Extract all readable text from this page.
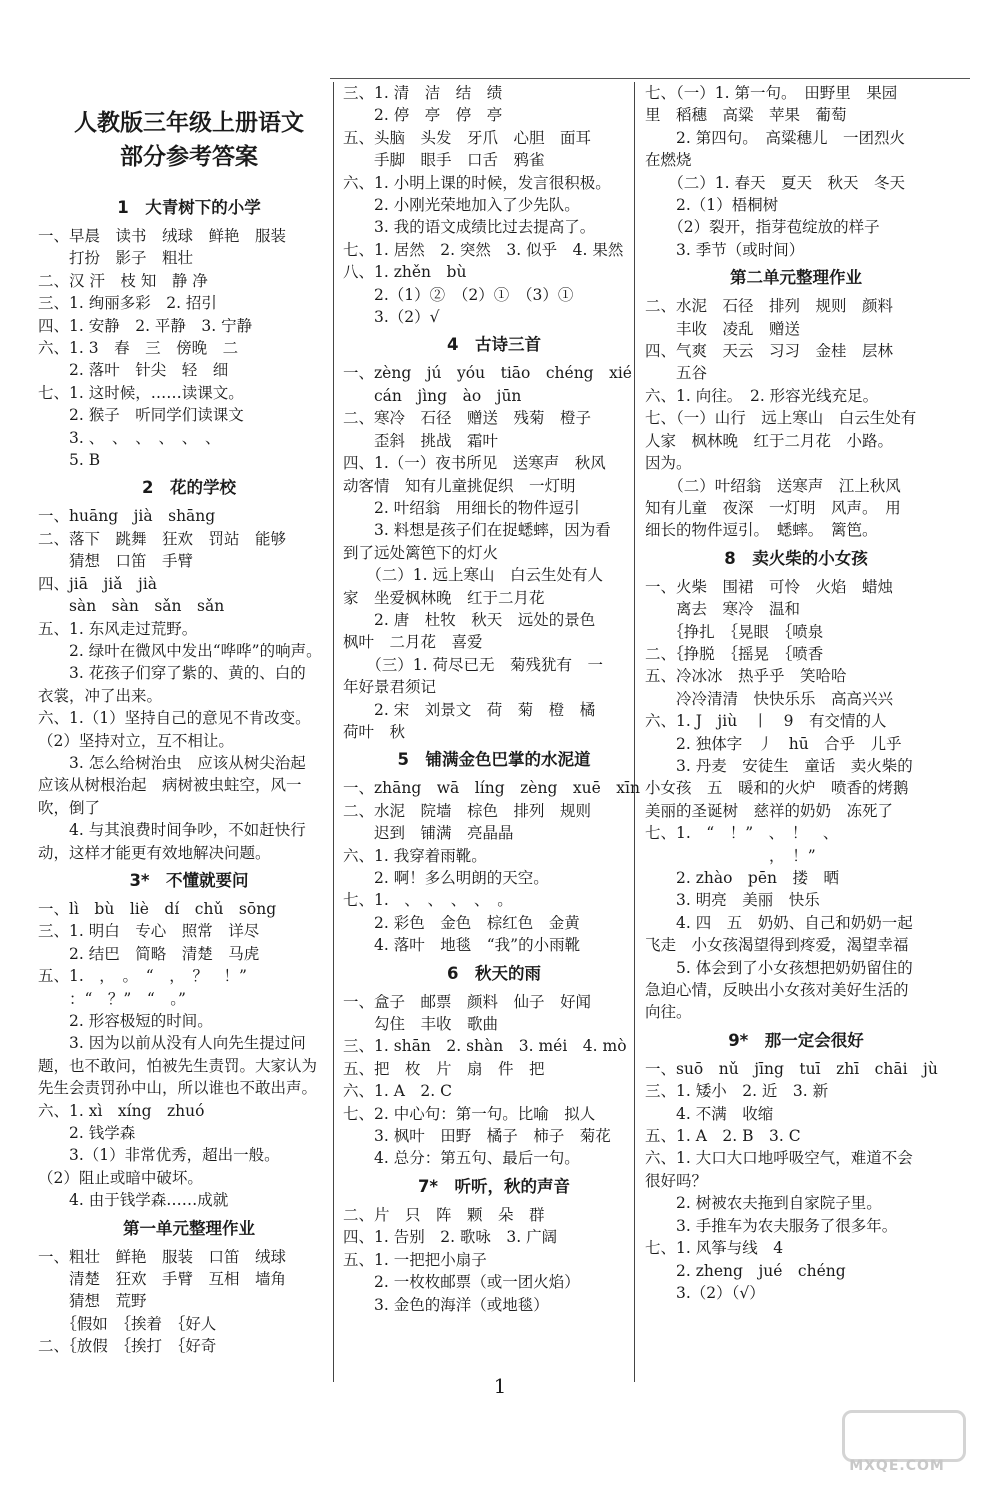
人教版三年级上册语文
部分参考答案
1　大青树下的小学
一、早晨　读书　绒球　鲜艳　服装
　　打扮　影子　粗壮
二、汉 汗　枝 知　静 净
三、1. 绚丽多彩　2. 招引
四、1. 安静　2. 平静　3. 宁静
六、1. 3　春　三　傍晚　二
　　2. 落叶　针尖　轻　细
七、1. 这时候，……读课文。
　　2. 猴子　听同学们读课文
　　3. 、　、　、　、　、　、
　　5. B
2　花的学校
一、huāng　jià　shāng
二、落下　跳舞　狂欢　罚站　能够
　　猜想　口笛　手臂
四、jiā　jiǎ　jià
　　sàn　sàn　sǎn　sǎn
五、1. 东风走过荒野。
　　2. 绿叶在微风中发出“哗哗”的响声。
　　3. 花孩子们穿了紫的、黄的、白的
衣裳，冲了出来。
六、1.（1）坚持自己的意见不肯改变。
（2）坚持对立，互不相让。
　　3. 怎么给树治虫　应该从树尖治起
应该从树根治起　病树被虫蛀空，风一
吹，倒了
　　4. 与其浪费时间争吵，不如赶快行
动，这样才能更有效地解决问题。
3*　不懂就要问
一、lì　bù　liè　dí　chǔ　sōng
三、1. 明白　专心　照常　详尽
　　2. 结巴　简略　清楚　马虎
五、1.　，　。　“　，　？　！”
　　：“　？”　“　。”
　　2. 形容极短的时间。
　　3. 因为以前从没有人向先生提过问
题，也不敢问，怕被先生责罚。大家认为
先生会责罚孙中山，所以谁也不敢出声。
六、1. xì　xíng　zhuó
　　2. 钱学森
　　3.（1）非常优秀，超出一般。
（2）阻止或暗中破坏。
　　4. 由于钱学森……成就
第一单元整理作业
一、粗壮　鲜艳　服装　口笛　绒球
　　清楚　狂欢　手臂　互相　墙角
　　猜想　荒野
　　｛假如　｛挨着　｛好人
二、｛放假　｛挨打　｛好奇
三、1. 清　洁　结　绩
　　2. 停　亭　停　亭
五、头脑　头发　牙爪　心胆　面耳
　　手脚　眼手　口舌　鸦雀
六、1. 小明上课的时候，发言很积极。
　　2. 小刚光荣地加入了少先队。
　　3. 我的语文成绩比过去提高了。
七、1. 居然　2. 突然　3. 似乎　4. 果然
八、1. zhěn　bù
　　2.（1）②　（2）①　（3）①
　　3.（2）√
4　古诗三首
一、zèng　jú　yóu　tiāo　chéng　xié
　　cán　jìng　ào　jūn
二、寒冷　石径　赠送　残菊　橙子
　　歪斜　挑战　霜叶
四、1.（一）夜书所见　送寒声　秋风
动客情　知有儿童挑促织　一灯明
　　2. 叶绍翁　用细长的物件逗引
　　3. 料想是孩子们在捉蟋蟀，因为看
到了远处篱笆下的灯火
　　（二）1. 远上寒山　白云生处有人
家　坐爱枫林晚　红于二月花
　　2. 唐　杜牧　秋天　远处的景色
枫叶　二月花　喜爱
　　（三）1. 荷尽已无　菊残犹有　一
年好景君须记
　　2. 宋　刘景文　荷　菊　橙　橘
荷叶　秋
5　铺满金色巴掌的水泥道
一、zhāng　wā　líng　zèng　xuē　xīn
二、水泥　院墙　棕色　排列　规则
　　迟到　铺满　亮晶晶
六、1. 我穿着雨靴。
　　2. 啊！多么明朗的天空。
七、1.　、　、　、　、　。
　　2. 彩色　金色　棕红色　金黄
　　4. 落叶　地毯　“我”的小雨靴
6　秋天的雨
一、盒子　邮票　颜料　仙子　好闻
　　勾住　丰收　歌曲
三、1. shān　2. shàn　3. méi　4. mò
五、把　枚　片　扇　件　把
六、1. A　2. C
七、2. 中心句：第一句。比喻　拟人
　　3. 枫叶　田野　橘子　柿子　菊花
　　4. 总分：第五句、最后一句。
7*　听听，秋的声音
二、片　只　阵　颗　朵　群
四、1. 告别　2. 歌咏　3. 广阔
五、1. 一把把小扇子
　　2. 一枚枚邮票（或一团火焰）
　　3. 金色的海洋（或地毯）
七、（一）1. 第一句。　田野里　果园
里　稻穗　高粱　苹果　葡萄
　　2. 第四句。　高粱穗儿　一团烈火
在燃烧
　　（二）1. 春天　夏天　秋天　冬天
　　2.（1）梧桐树
　　（2）裂开，指芽苞绽放的样子
　　3. 季节（或时间）
第二单元整理作业
二、水泥　石径　排列　规则　颜料
　　丰收　凌乱　赠送
四、气爽　天云　习习　金桂　层林
　　五谷
六、1. 向往。　2. 形容光线充足。
七、（一）山行　远上寒山　白云生处有
人家　枫林晚　红于二月花　小路。
因为。
　　（二）叶绍翁　送寒声　江上秋风
知有儿童　夜深　一灯明　风声。　用
细长的物件逗引。　蟋蟀。　篱笆。
8　卖火柴的小女孩
一、火柴　围裙　可怜　火焰　蜡烛
　　离去　寒冷　温和
　　｛挣扎　｛晃眼　｛喷泉
二、｛挣脱　｛摇晃　｛喷香
五、冷冰冰　热乎乎　笑哈哈
　　冷冷清清　快快乐乐　高高兴兴
六、1. J　jiù　丨　9　有交情的人
　　2. 独体字　丿　hū　合乎　儿乎
　　3. 丹麦　安徒生　童话　卖火柴的
小女孩　五　暖和的火炉　喷香的烤鹅
美丽的圣诞树　慈祥的奶奶　冻死了
七、1.　“　！”　、　！　、
　　　　　　　　，　！”
　　2. zhào　pēn　搂　晒
　　3. 明亮　美丽　快乐
　　4. 四　五　奶奶、自己和奶奶一起
飞走　小女孩渴望得到疼爱，渴望幸福
　　5. 体会到了小女孩想把奶奶留住的
急迫心情，反映出小女孩对美好生活的
向往。
9*　那一定会很好
一、suō　nǔ　jīng　tuī　zhī　chāi　jù
三、1. 矮小　2. 近　3. 新
　　4. 不满　收缩
五、1. A　2. B　3. C
六、1. 大口大口地呼吸空气，难道不会
很好吗？
　　2. 树被农夫拖到自家院子里。
　　3. 手推车为农夫服务了很多年。
七、1. 风筝与线　4
　　2. zheng　jué　chéng
　　3.（2）（√）
1
MXQE.COM
